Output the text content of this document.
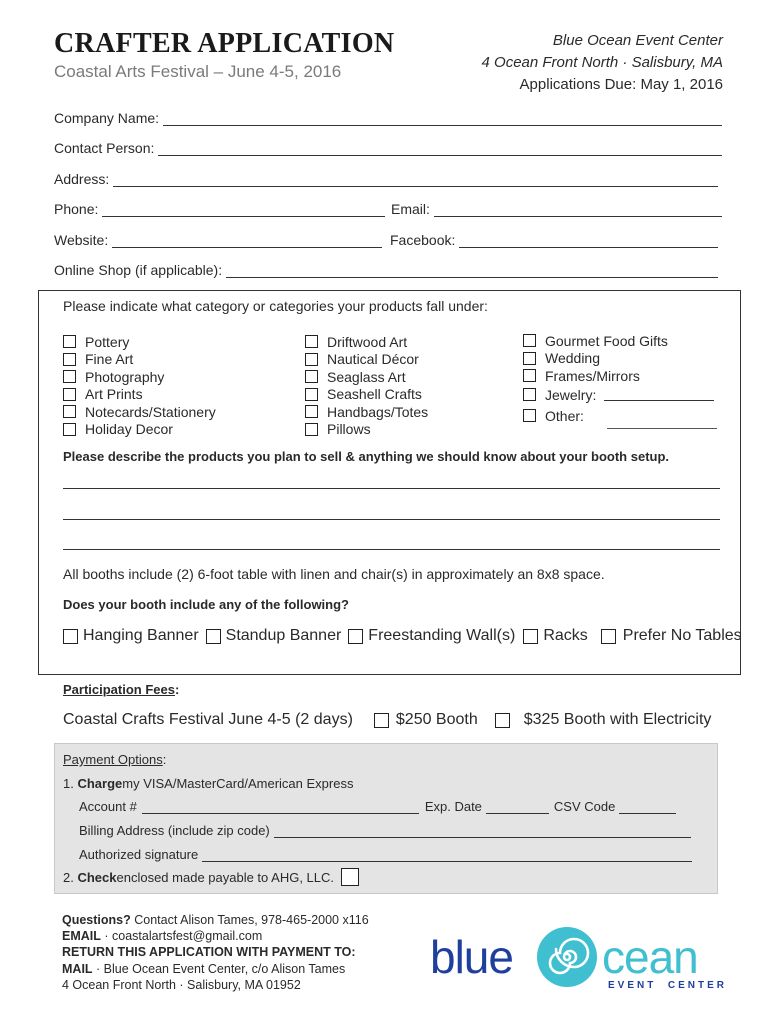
CRAFTER APPLICATION
Coastal Arts Festival – June 4-5, 2016
Blue Ocean Event Center
4 Ocean Front North · Salisbury, MA
Applications Due: May 1, 2016
Company Name:
Contact Person:
Address:
Phone:	Email:
Website:	Facebook:
Online Shop (if applicable):
Please indicate what category or categories your products fall under:
Pottery
Fine Art
Photography
Art Prints
Notecards/Stationery
Holiday Decor
Driftwood Art
Nautical Décor
Seaglass Art
Seashell Crafts
Handbags/Totes
Pillows
Gourmet Food Gifts
Wedding
Frames/Mirrors
Jewelry:
Other:
Please describe the products you plan to sell & anything we should know about your booth setup.
All booths include (2) 6-foot table with linen and chair(s) in approximately an 8x8 space.
Does your booth include any of the following?
Hanging Banner Standup Banner Freestanding Wall(s) Racks Prefer No Tables
Participation Fees:
Coastal Crafts Festival June 4-5 (2 days)	$250 Booth	$325 Booth with Electricity
Payment Options :
1.
Charge my VISA/MasterCard/American Express
Account #	Exp. Date	CSV Code
Billing Address (include zip code)
Authorized signature
2.
Check enclosed made payable to AHG, LLC.
Questions? Contact Alison Tames, 978-465-2000 x116
EMAIL · coastalartsfest@gmail.com
RETURN THIS APPLICATION WITH PAYMENT TO:
MAIL · Blue Ocean Event Center, c/o Alison Tames
4 Ocean Front North · Salisbury, MA 01952
blue cean
EVENT  CENTER
